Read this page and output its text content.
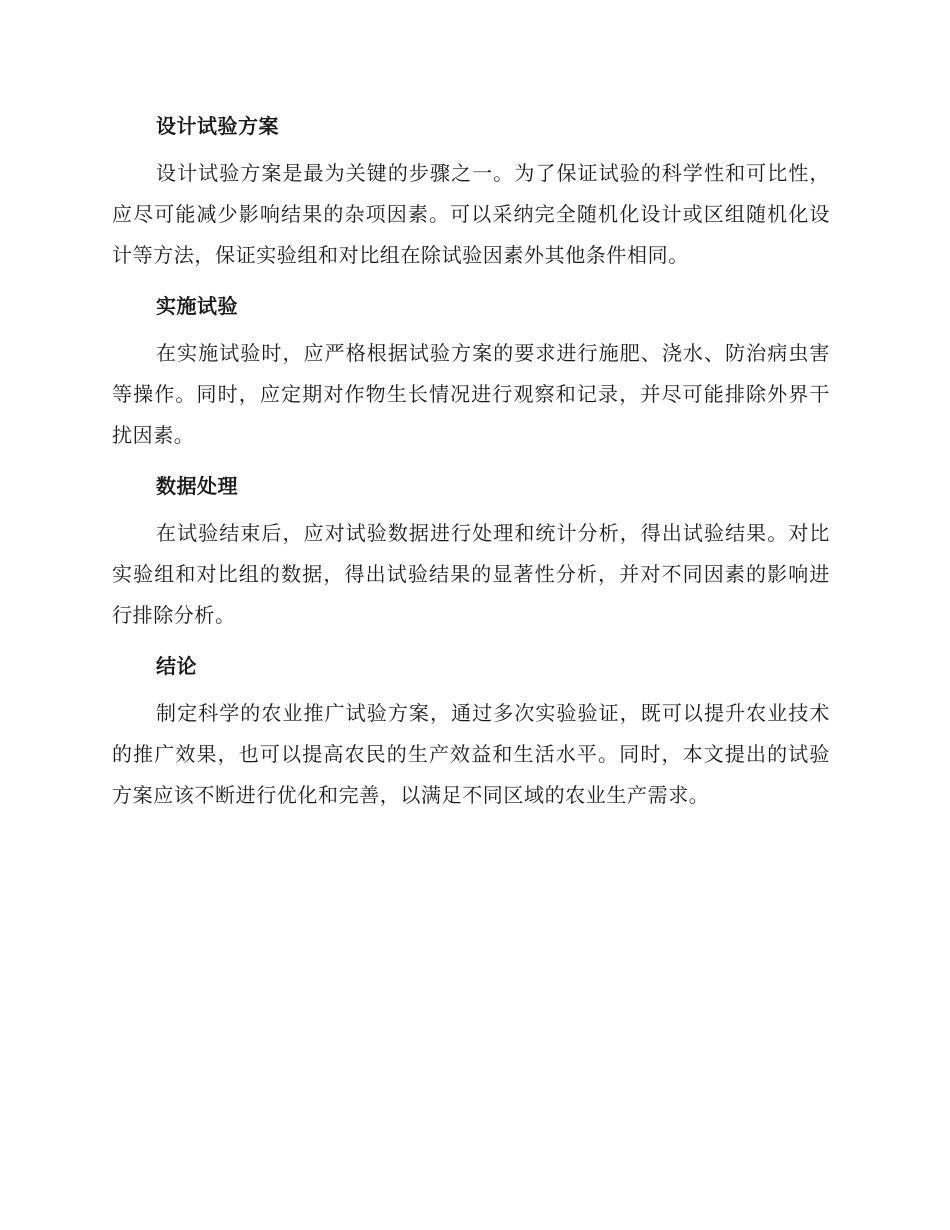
设计试验方案

设计试验方案是最为关键的步骤之一。为了保证试验的科学性和可比性，应尽可能减少影响结果的杂项因素。可以采纳完全随机化设计或区组随机化设计等方法，保证实验组和对比组在除试验因素外其他条件相同。

实施试验

在实施试验时，应严格根据试验方案的要求进行施肥、浇水、防治病虫害等操作。同时，应定期对作物生长情况进行观察和记录，并尽可能排除外界干扰因素。

数据处理

在试验结束后，应对试验数据进行处理和统计分析，得出试验结果。对比实验组和对比组的数据，得出试验结果的显著性分析，并对不同因素的影响进行排除分析。

结论

制定科学的农业推广试验方案，通过多次实验验证，既可以提升农业技术的推广效果，也可以提高农民的生产效益和生活水平。同时，本文提出的试验方案应该不断进行优化和完善，以满足不同区域的农业生产需求。
